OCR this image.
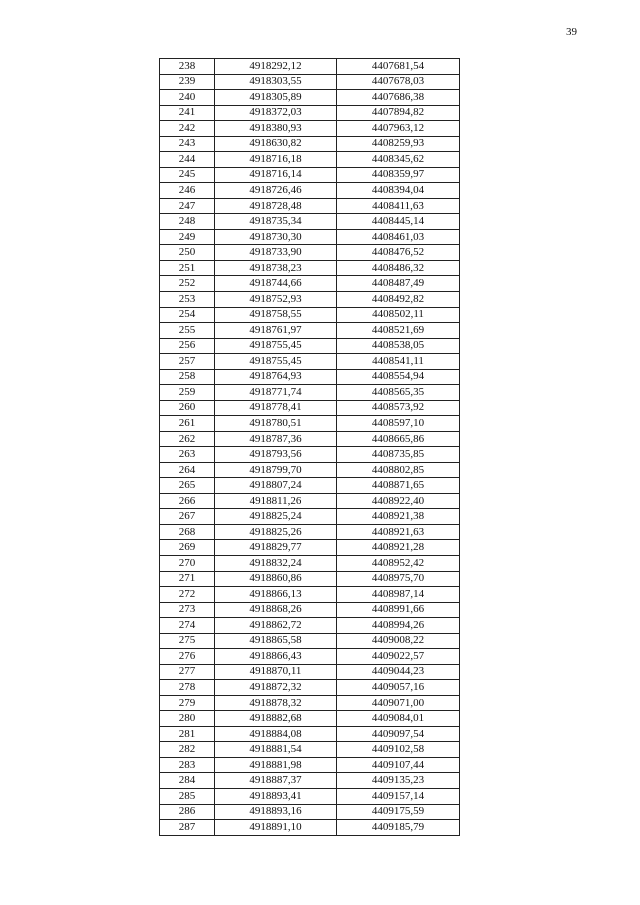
39
238	4918292,12	4407681,54
239	4918303,55	4407678,03
240	4918305,89	4407686,38
241	4918372,03	4407894,82
242	4918380,93	4407963,12
243	4918630,82	4408259,93
244	4918716,18	4408345,62
245	4918716,14	4408359,97
246	4918726,46	4408394,04
247	4918728,48	4408411,63
248	4918735,34	4408445,14
249	4918730,30	4408461,03
250	4918733,90	4408476,52
251	4918738,23	4408486,32
252	4918744,66	4408487,49
253	4918752,93	4408492,82
254	4918758,55	4408502,11
255	4918761,97	4408521,69
256	4918755,45	4408538,05
257	4918755,45	4408541,11
258	4918764,93	4408554,94
259	4918771,74	4408565,35
260	4918778,41	4408573,92
261	4918780,51	4408597,10
262	4918787,36	4408665,86
263	4918793,56	4408735,85
264	4918799,70	4408802,85
265	4918807,24	4408871,65
266	4918811,26	4408922,40
267	4918825,24	4408921,38
268	4918825,26	4408921,63
269	4918829,77	4408921,28
270	4918832,24	4408952,42
271	4918860,86	4408975,70
272	4918866,13	4408987,14
273	4918868,26	4408991,66
274	4918862,72	4408994,26
275	4918865,58	4409008,22
276	4918866,43	4409022,57
277	4918870,11	4409044,23
278	4918872,32	4409057,16
279	4918878,32	4409071,00
280	4918882,68	4409084,01
281	4918884,08	4409097,54
282	4918881,54	4409102,58
283	4918881,98	4409107,44
284	4918887,37	4409135,23
285	4918893,41	4409157,14
286	4918893,16	4409175,59
287	4918891,10	4409185,79
